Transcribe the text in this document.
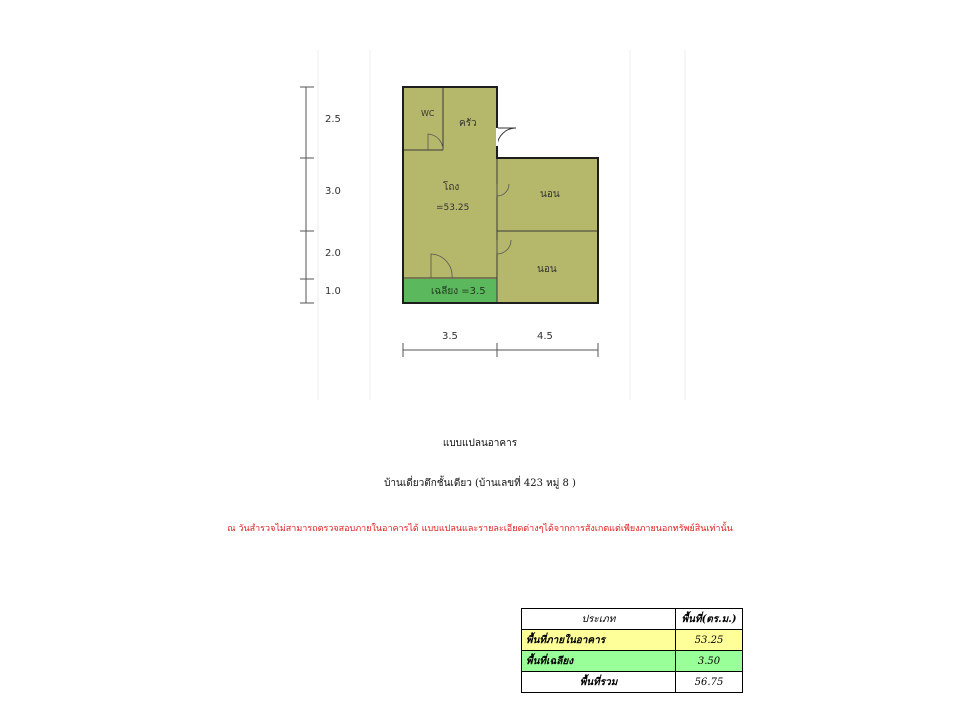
WC
ครัว
โถง
=53.25
นอน
นอน
เฉลียง =3.5
2.5
3.0
2.0
1.0
3.5	4.5
แบบแปลนอาคาร
บ้านเดี่ยวตึกชั้นเดียว (บ้านเลขที่ 423 หมู่ 8 )
ณ วันสำรวจไม่สามารถตรวจสอบภายในอาคารได้ แบบแปลนและรายละเอียดต่างๆได้จากการสังเกตแต่เพียงภายนอกทรัพย์สินเท่านั้น
ประเภท	พื้นที่(ตร.ม.)
พื้นที่ภายในอาคาร	53.25
พื้นที่เฉลียง	3.50
พื้นที่รวม	56.75
